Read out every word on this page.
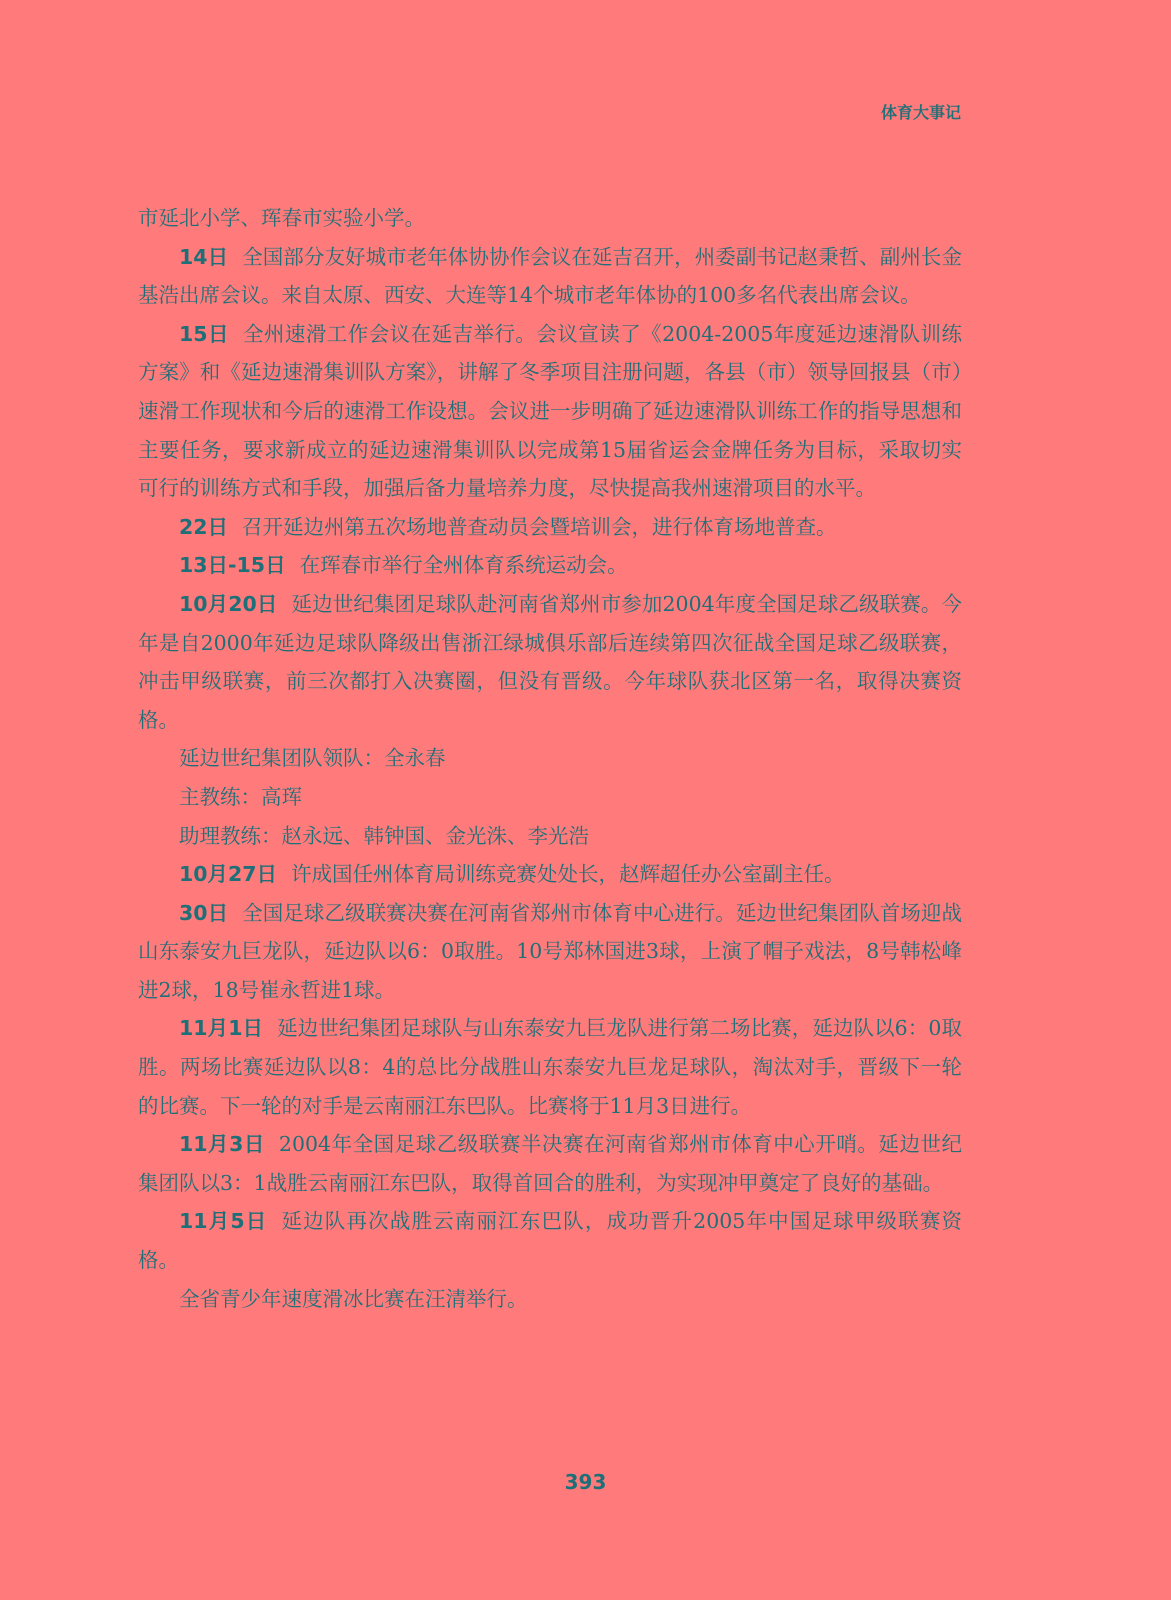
体育大事记

市延北小学、珲春市实验小学。

14日 全国部分友好城市老年体协协作会议在延吉召开，州委副书记赵秉哲、副州长金基浩出席会议。来自太原、西安、大连等14个城市老年体协的100多名代表出席会议。

15日 全州速滑工作会议在延吉举行。会议宣读了《2004-2005年度延边速滑队训练方案》和《延边速滑集训队方案》，讲解了冬季项目注册问题，各县（市）领导回报县（市）速滑工作现状和今后的速滑工作设想。会议进一步明确了延边速滑队训练工作的指导思想和主要任务，要求新成立的延边速滑集训队以完成第15届省运会金牌任务为目标，采取切实可行的训练方式和手段，加强后备力量培养力度，尽快提高我州速滑项目的水平。

22日 召开延边州第五次场地普查动员会暨培训会，进行体育场地普查。

13日-15日 在珲春市举行全州体育系统运动会。

10月20日 延边世纪集团足球队赴河南省郑州市参加2004年度全国足球乙级联赛。今年是自2000年延边足球队降级出售浙江绿城俱乐部后连续第四次征战全国足球乙级联赛，冲击甲级联赛，前三次都打入决赛圈，但没有晋级。今年球队获北区第一名，取得决赛资格。

延边世纪集团队领队：全永春

主教练：高珲

助理教练：赵永远、韩钟国、金光洙、李光浩

10月27日 许成国任州体育局训练竞赛处处长，赵辉超任办公室副主任。

30日 全国足球乙级联赛决赛在河南省郑州市体育中心进行。延边世纪集团队首场迎战山东泰安九巨龙队，延边队以6：0取胜。10号郑林国进3球，上演了帽子戏法，8号韩松峰进2球，18号崔永哲进1球。

11月1日 延边世纪集团足球队与山东泰安九巨龙队进行第二场比赛，延边队以6：0取胜。两场比赛延边队以8：4的总比分战胜山东泰安九巨龙足球队，淘汰对手，晋级下一轮的比赛。下一轮的对手是云南丽江东巴队。比赛将于11月3日进行。

11月3日 2004年全国足球乙级联赛半决赛在河南省郑州市体育中心开哨。延边世纪集团队以3：1战胜云南丽江东巴队，取得首回合的胜利，为实现冲甲奠定了良好的基础。

11月5日 延边队再次战胜云南丽江东巴队，成功晋升2005年中国足球甲级联赛资格。

全省青少年速度滑冰比赛在汪清举行。

393
